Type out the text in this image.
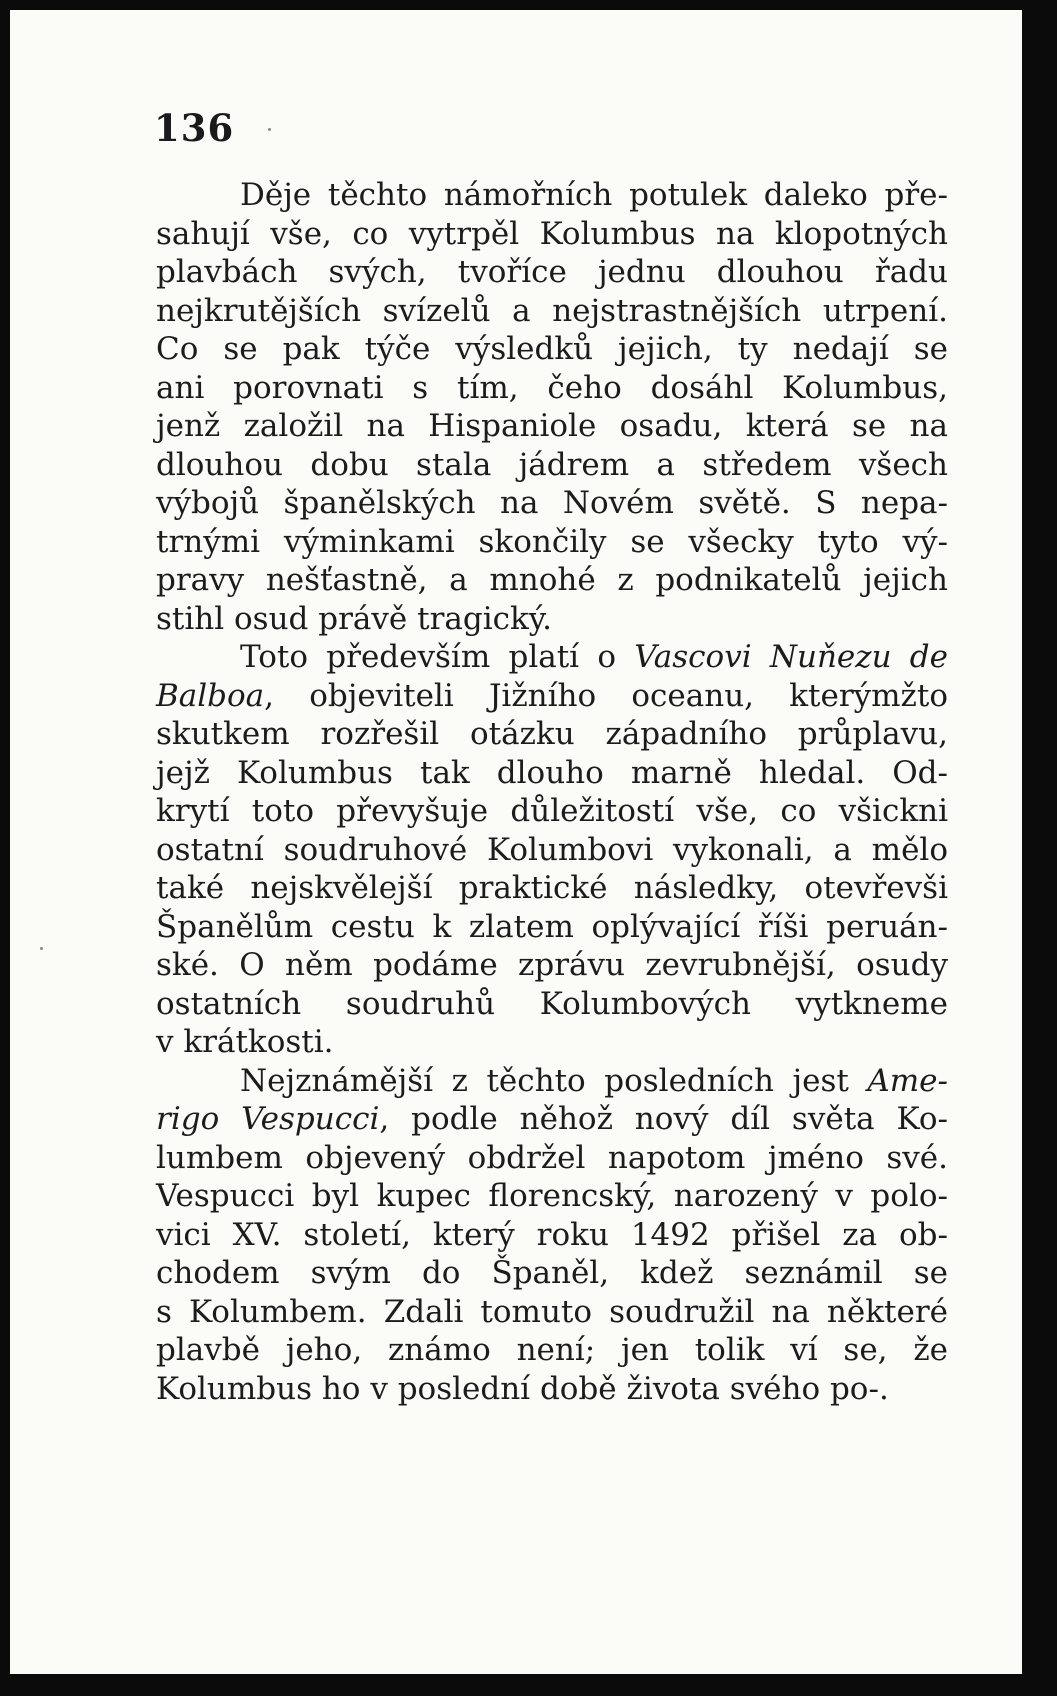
136
Děje těchto námořních potulek daleko pře-
sahují vše, co vytrpěl Kolumbus na klopotných
plavbách svých, tvoříce jednu dlouhou řadu
nejkrutějších svízelů a nejstrastnějších utrpení.
Co se pak týče výsledků jejich, ty nedají se
ani porovnati s tím, čeho dosáhl Kolumbus,
jenž založil na Hispaniole osadu, která se na
dlouhou dobu stala jádrem a středem všech
výbojů španělských na Novém světě. S nepa-
trnými výminkami skončily se všecky tyto vý-
pravy nešťastně, a mnohé z podnikatelů jejich
stihl osud právě tragický.
Toto především platí o Vascovi Nuňezu de
Balboa, objeviteli Jižního oceanu, kterýmžto
skutkem rozřešil otázku západního průplavu,
jejž Kolumbus tak dlouho marně hledal. Od-
krytí toto převyšuje důležitostí vše, co všickni
ostatní soudruhové Kolumbovi vykonali, a mělo
také nejskvělejší praktické následky, otevřevši
Španělům cestu k zlatem oplývající říši peruán-
ské. O něm podáme zprávu zevrubnější, osudy
ostatních soudruhů Kolumbových vytkneme
v krátkosti.
Nejznámější z těchto posledních jest Ame-
rigo Vespucci, podle něhož nový díl světa Ko-
lumbem objevený obdržel napotom jméno své.
Vespucci byl kupec florencský, narozený v polo-
vici XV. století, který roku 1492 přišel za ob-
chodem svým do Španěl, kdež seznámil se
s Kolumbem. Zdali tomuto soudružil na některé
plavbě jeho, známo není; jen tolik ví se, že
Kolumbus ho v poslední době života svého po-.
